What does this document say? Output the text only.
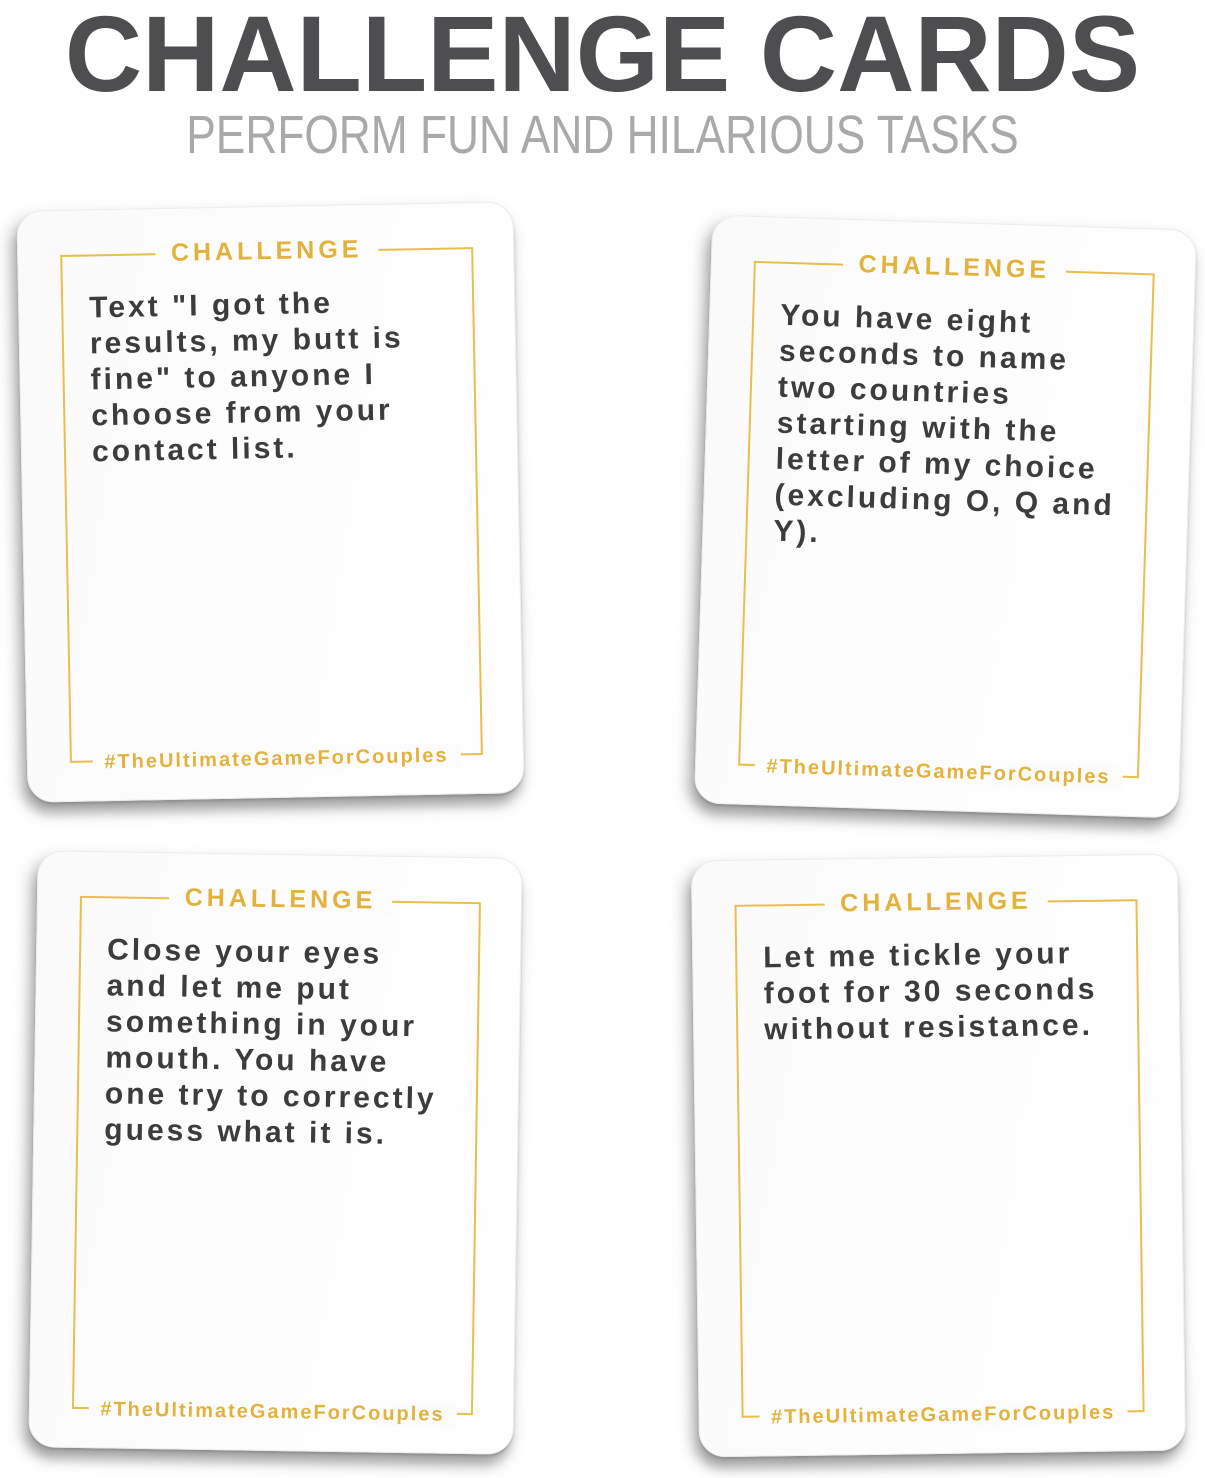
CHALLENGE CARDS
PERFORM FUN AND HILARIOUS TASKS
CHALLENGE
Text "I got the
results, my butt is
fine" to anyone I
choose from your
contact list.
#TheUltimateGameForCouples
CHALLENGE
You have eight
seconds to name
two countries
starting with the
letter of my choice
(excluding O, Q and
Y).
#TheUltimateGameForCouples
CHALLENGE
Close your eyes
and let me put
something in your
mouth. You have
one try to correctly
guess what it is.
#TheUltimateGameForCouples
CHALLENGE
Let me tickle your
foot for 30 seconds
without resistance.
#TheUltimateGameForCouples
